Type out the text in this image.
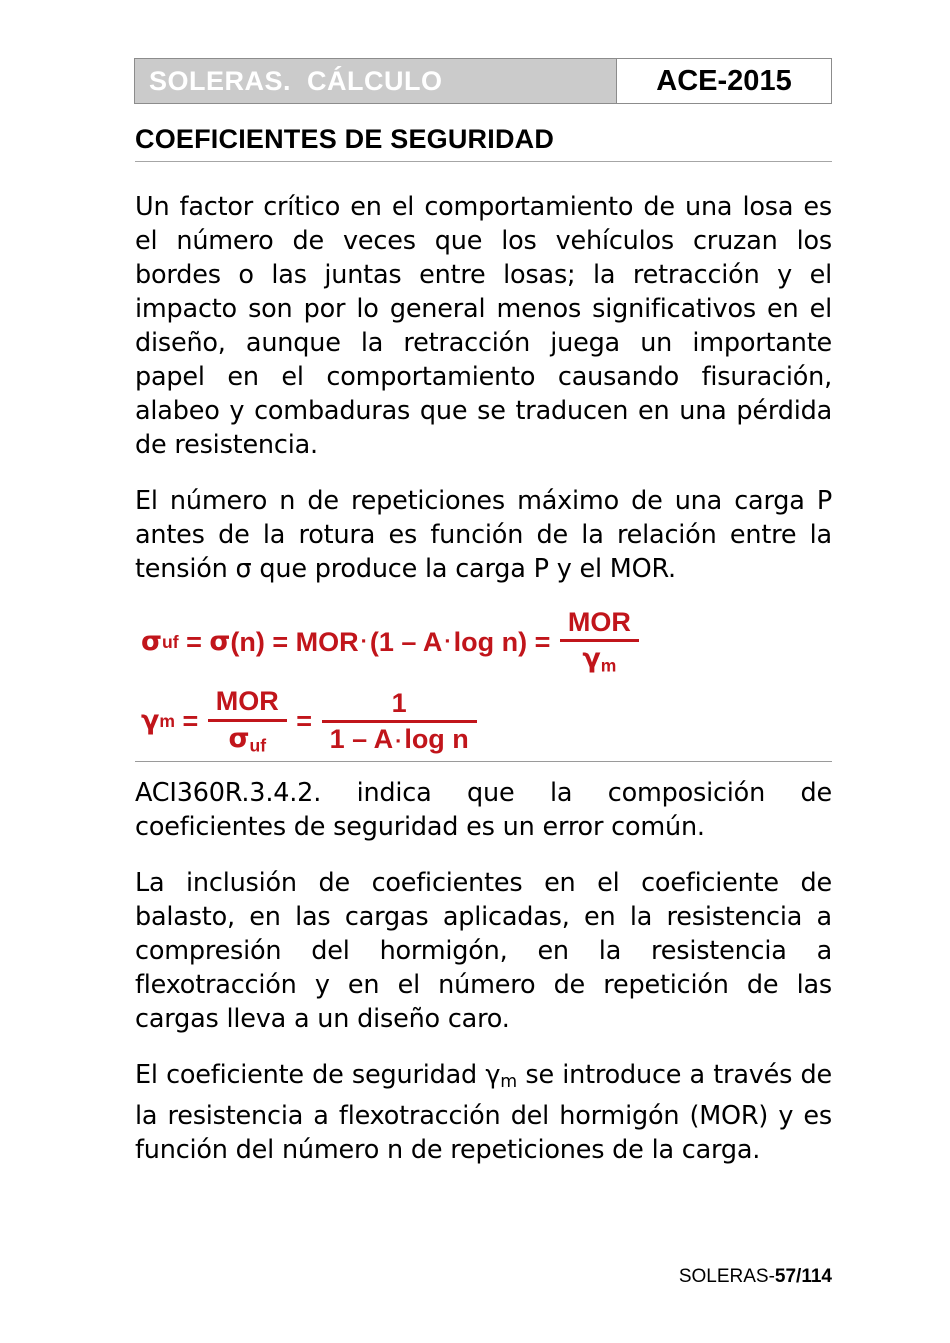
SOLERAS.  CÁLCULO	ACE-2015
COEFICIENTES DE SEGURIDAD

Un factor crítico en el comportamiento de una losa es el número de veces que los vehículos cruzan los bordes o las juntas entre losas; la retracción y el impacto son por lo general menos significativos en el diseño, aunque la retracción juega un importante papel en el comportamiento causando fisuración, alabeo y combaduras que se traducen en una pérdida de resistencia.

El número n de repeticiones máximo de una carga P antes de la rotura es función de la relación entre la tensión σ que produce la carga P y el MOR.

σ uf = σ (n) = MOR · $(1 - A \cdot \log n) = \frac{\text{MOR}}{\gamma m}$
γ $m = \frac{\text{MOR}}{\text{σuf}} = \frac{1}{\text{1 – A·log n}}$

ACI360R.3.4.2. indica que la composición de coeficientes de seguridad es un error común.

La inclusión de coeficientes en el coeficiente de balasto, en las cargas aplicadas, en la resistencia a compresión del hormigón, en la resistencia a flexotracción y en el número de repetición de las cargas lleva a un diseño caro.

El coeficiente de seguridad $\gamma_m$ se introduce a través de la resistencia a flexotracción del hormigón (MOR) y es función del número n de repeticiones de la carga.

SOLERAS-57/114
